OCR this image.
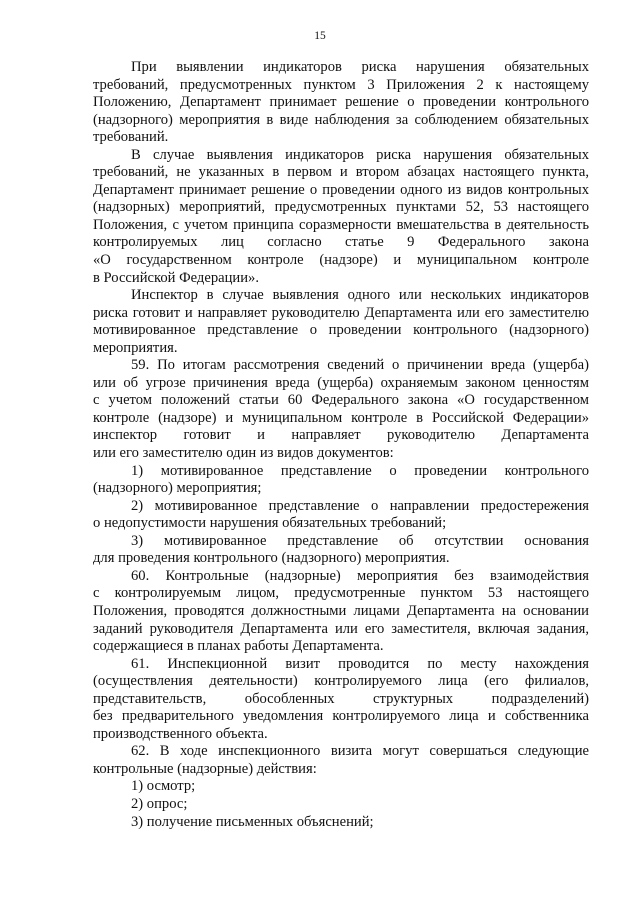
15
При выявлении индикаторов риска нарушения обязательных
требований, предусмотренных пунктом 3 Приложения 2 к настоящему
Положению, Департамент принимает решение о проведении контрольного
(надзорного) мероприятия в виде наблюдения за соблюдением обязательных
требований.
В случае выявления индикаторов риска нарушения обязательных
требований, не указанных в первом и втором абзацах настоящего пункта,
Департамент принимает решение о проведении одного из видов контрольных
(надзорных) мероприятий, предусмотренных пунктами 52, 53 настоящего
Положения, с учетом принципа соразмерности вмешательства в деятельность
контролируемых лиц согласно статье 9 Федерального закона
«О государственном контроле (надзоре) и муниципальном контроле
в Российской Федерации».
Инспектор в случае выявления одного или нескольких индикаторов
риска готовит и направляет руководителю Департамента или его заместителю
мотивированное представление о проведении контрольного (надзорного)
мероприятия.
59. По итогам рассмотрения сведений о причинении вреда (ущерба)
или об угрозе причинения вреда (ущерба) охраняемым законом ценностям
с учетом положений статьи 60 Федерального закона «О государственном
контроле (надзоре) и муниципальном контроле в Российской Федерации»
инспектор готовит и направляет руководителю Департамента
или его заместителю один из видов документов:
1) мотивированное представление о проведении контрольного
(надзорного) мероприятия;
2) мотивированное представление о направлении предостережения
о недопустимости нарушения обязательных требований;
3) мотивированное представление об отсутствии основания
для проведения контрольного (надзорного) мероприятия.
60. Контрольные (надзорные) мероприятия без взаимодействия
с контролируемым лицом, предусмотренные пунктом 53 настоящего
Положения, проводятся должностными лицами Департамента на основании
заданий руководителя Департамента или его заместителя, включая задания,
содержащиеся в планах работы Департамента.
61. Инспекционной визит проводится по месту нахождения
(осуществления деятельности) контролируемого лица (его филиалов,
представительств, обособленных структурных подразделений)
без предварительного уведомления контролируемого лица и собственника
производственного объекта.
62. В ходе инспекционного визита могут совершаться следующие
контрольные (надзорные) действия:
1) осмотр;
2) опрос;
3) получение письменных объяснений;
